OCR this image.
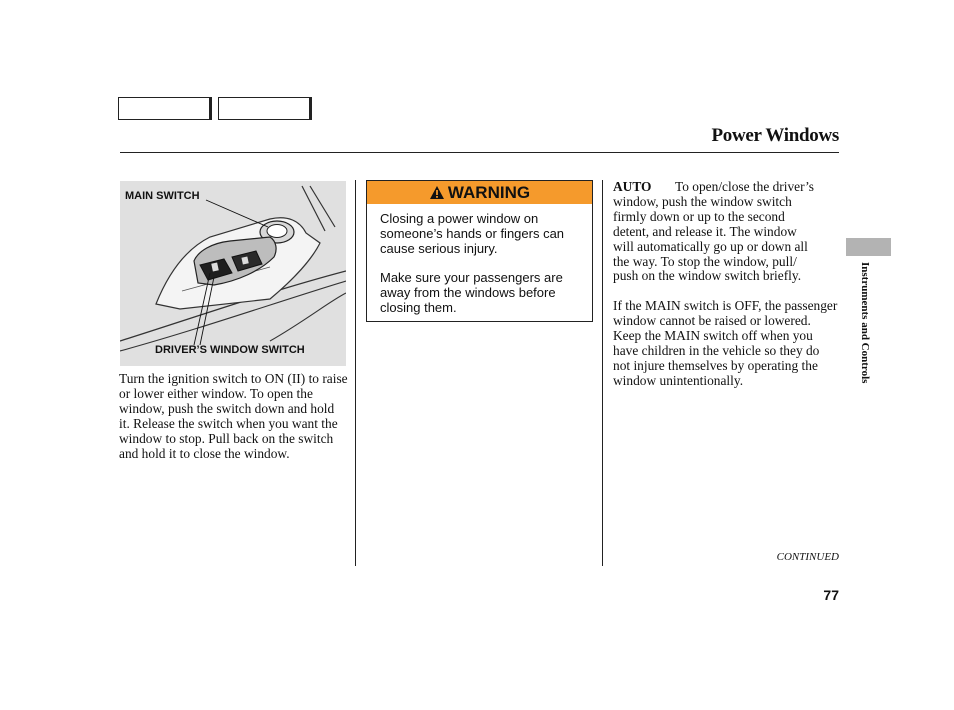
Power Windows
MAIN SWITCH
DRIVER’S WINDOW SWITCH
Turn the ignition switch to ON (II) to raise or lower either window. To open the window, push the switch down and hold it. Release the switch when you want the window to stop. Pull back on the switch and hold it to close the window.
WARNING
Closing a power window on someone’s hands or fingers can cause serious injury.
Make sure your passengers are away from the windows before closing them.
AUTO To open/close the driver’s
window, push the window switch
firmly down or up to the second
detent, and release it. The window
will automatically go up or down all
the way. To stop the window, pull/
push on the window switch briefly.
If the MAIN switch is OFF, the passenger window cannot be raised or lowered. Keep the MAIN switch off when you have children in the vehicle so they do not injure themselves by operating the window unintentionally.	Instruments and Controls
CONTINUED
77
